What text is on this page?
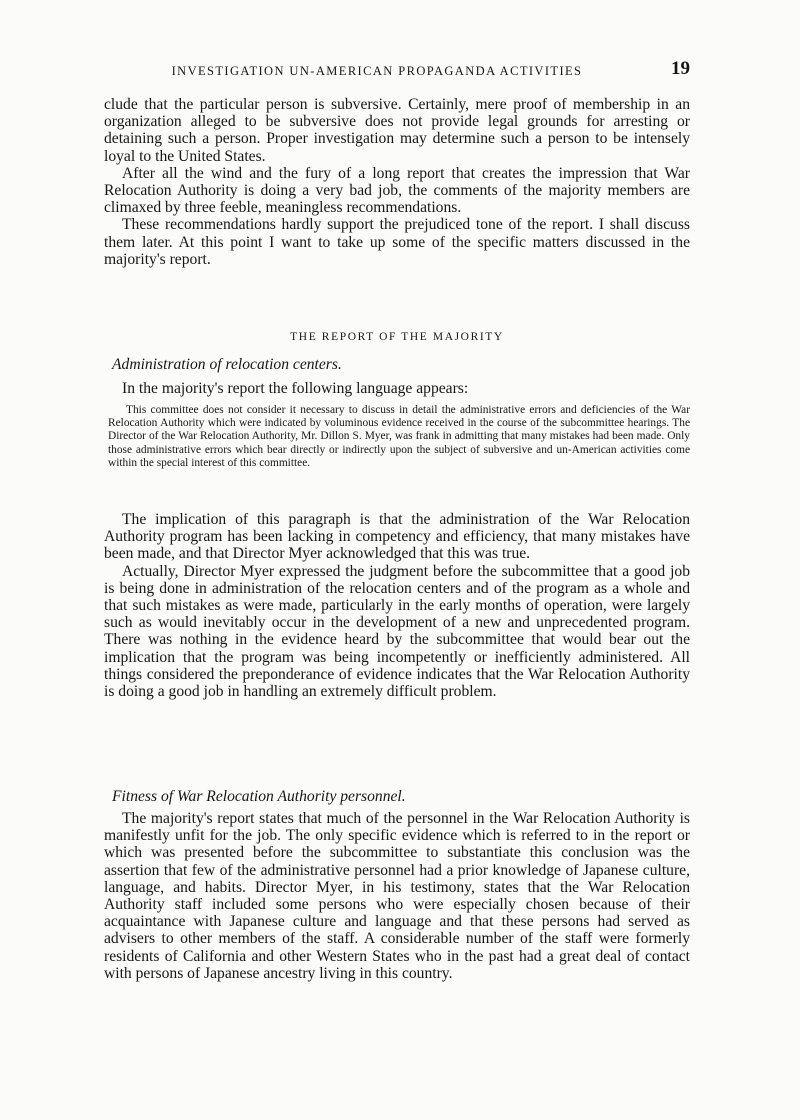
INVESTIGATION UN-AMERICAN PROPAGANDA ACTIVITIES	19

clude that the particular person is subversive. Certainly, mere proof of membership in an organization alleged to be subversive does not provide legal grounds for arresting or detaining such a person. Proper investigation may determine such a person to be intensely loyal to the United States.

After all the wind and the fury of a long report that creates the impression that War Relocation Authority is doing a very bad job, the comments of the majority members are climaxed by three feeble, meaningless recommendations.

These recommendations hardly support the prejudiced tone of the report. I shall discuss them later. At this point I want to take up some of the specific matters discussed in the majority's report.

THE REPORT OF THE MAJORITY
Administration of relocation centers.

In the majority's report the following language appears:

This committee does not consider it necessary to discuss in detail the administrative errors and deficiencies of the War Relocation Authority which were indicated by voluminous evidence received in the course of the subcommittee hearings. The Director of the War Relocation Authority, Mr. Dillon S. Myer, was frank in admitting that many mistakes had been made. Only those administrative errors which bear directly or indirectly upon the subject of subversive and un-American activities come within the special interest of this committee.

The implication of this paragraph is that the administration of the War Relocation Authority program has been lacking in competency and efficiency, that many mistakes have been made, and that Director Myer acknowledged that this was true.

Actually, Director Myer expressed the judgment before the subcommittee that a good job is being done in administration of the relocation centers and of the program as a whole and that such mistakes as were made, particularly in the early months of operation, were largely such as would inevitably occur in the development of a new and unprecedented program. There was nothing in the evidence heard by the subcommittee that would bear out the implication that the program was being incompetently or inefficiently administered. All things considered the preponderance of evidence indicates that the War Relocation Authority is doing a good job in handling an extremely difficult problem.

Fitness of War Relocation Authority personnel.

The majority's report states that much of the personnel in the War Relocation Authority is manifestly unfit for the job. The only specific evidence which is referred to in the report or which was presented before the subcommittee to substantiate this conclusion was the assertion that few of the administrative personnel had a prior knowledge of Japanese culture, language, and habits. Director Myer, in his testimony, states that the War Relocation Authority staff included some persons who were especially chosen because of their acquaintance with Japanese culture and language and that these persons had served as advisers to other members of the staff. A considerable number of the staff were formerly residents of California and other Western States who in the past had a great deal of contact with persons of Japanese ancestry living in this country.
